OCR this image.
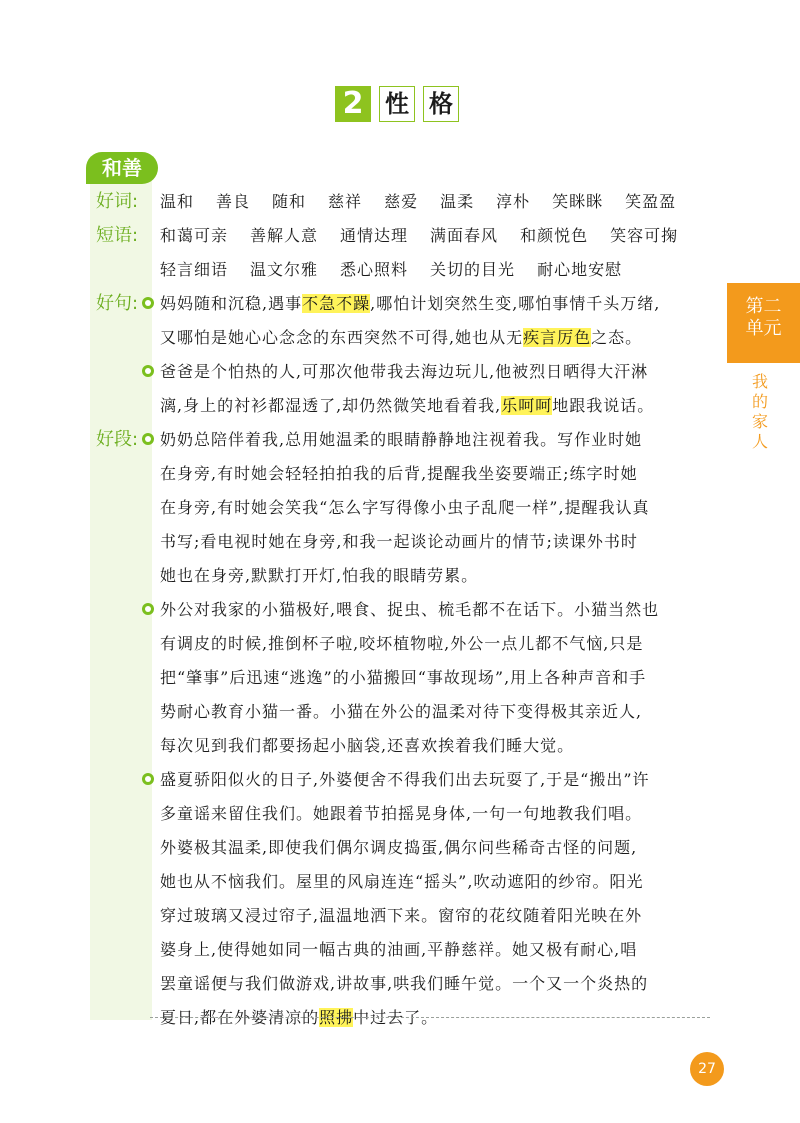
2 性 格
和善
好词:	温和 善良 随和 慈祥 慈爱 温柔 淳朴 笑眯眯 笑盈盈
短语:	和蔼可亲 善解人意 通情达理 满面春风 和颜悦色 笑容可掬
轻言细语 温文尔雅 悉心照料 关切的目光 耐心地安慰
好句:	妈妈随和沉稳,遇事不急不躁,哪怕计划突然生变,哪怕事情千头万绪,
又哪怕是她心心念念的东西突然不可得,她也从无疾言厉色之态。
爸爸是个怕热的人,可那次他带我去海边玩儿,他被烈日晒得大汗淋
漓,身上的衬衫都湿透了,却仍然微笑地看着我,乐呵呵地跟我说话。
好段:	奶奶总陪伴着我,总用她温柔的眼睛静静地注视着我。写作业时她
在身旁,有时她会轻轻拍拍我的后背,提醒我坐姿要端正;练字时她
在身旁,有时她会笑我“怎么字写得像小虫子乱爬一样”,提醒我认真
书写;看电视时她在身旁,和我一起谈论动画片的情节;读课外书时
她也在身旁,默默打开灯,怕我的眼睛劳累。
外公对我家的小猫极好,喂食、捉虫、梳毛都不在话下。小猫当然也
有调皮的时候,推倒杯子啦,咬坏植物啦,外公一点儿都不气恼,只是
把“肇事”后迅速“逃逸”的小猫搬回“事故现场”,用上各种声音和手
势耐心教育小猫一番。小猫在外公的温柔对待下变得极其亲近人,
每次见到我们都要扬起小脑袋,还喜欢挨着我们睡大觉。
盛夏骄阳似火的日子,外婆便舍不得我们出去玩耍了,于是“搬出”许
多童谣来留住我们。她跟着节拍摇晃身体,一句一句地教我们唱。
外婆极其温柔,即使我们偶尔调皮捣蛋,偶尔问些稀奇古怪的问题,
她也从不恼我们。屋里的风扇连连“摇头”,吹动遮阳的纱帘。阳光
穿过玻璃又浸过帘子,温温地洒下来。窗帘的花纹随着阳光映在外
婆身上,使得她如同一幅古典的油画,平静慈祥。她又极有耐心,唱
罢童谣便与我们做游戏,讲故事,哄我们睡午觉。一个又一个炎热的
夏日,都在外婆清凉的照拂中过去了。
第二
单元
我
的
家
人
27
